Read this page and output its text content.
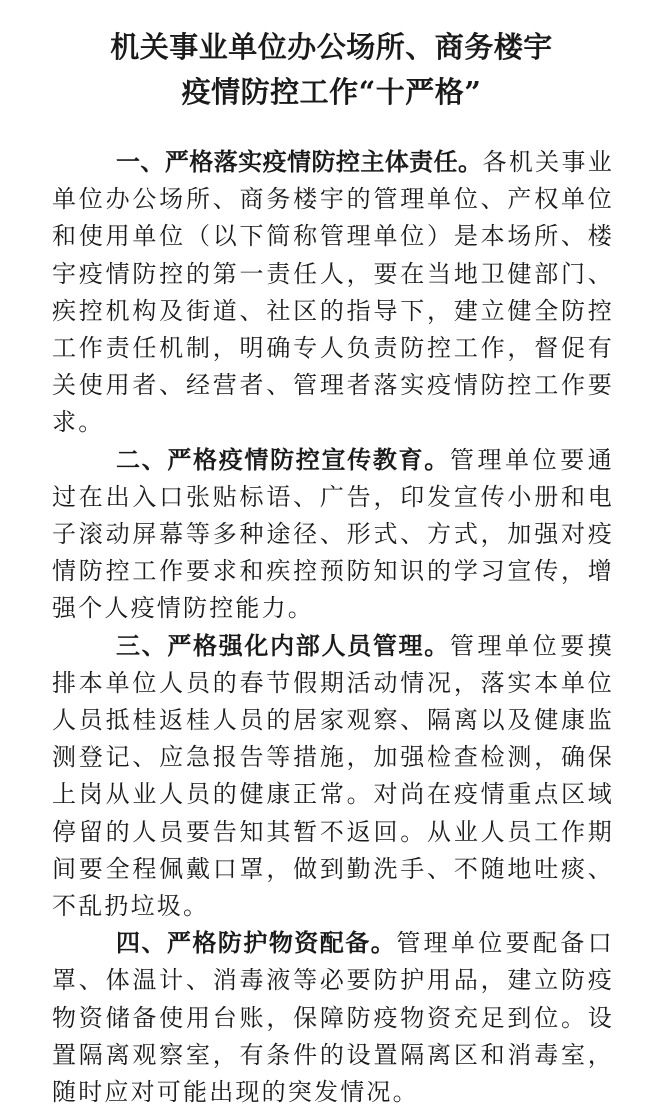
机关事业单位办公场所、商务楼宇
疫情防控工作“十严格”

一、严格落实疫情防控主体责任。各机关事业单位办公场所、商务楼宇的管理单位、产权单位和使用单位（以下简称管理单位）是本场所、楼宇疫情防控的第一责任人，要在当地卫健部门、疾控机构及街道、社区的指导下，建立健全防控工作责任机制，明确专人负责防控工作，督促有关使用者、经营者、管理者落实疫情防控工作要求。

二、严格疫情防控宣传教育。管理单位要通过在出入口张贴标语、广告，印发宣传小册和电子滚动屏幕等多种途径、形式、方式，加强对疫情防控工作要求和疾控预防知识的学习宣传，增强个人疫情防控能力。

三、严格强化内部人员管理。管理单位要摸排本单位人员的春节假期活动情况，落实本单位人员抵桂返桂人员的居家观察、隔离以及健康监测登记、应急报告等措施，加强检查检测，确保上岗从业人员的健康正常。对尚在疫情重点区域停留的人员要告知其暂不返回。从业人员工作期间要全程佩戴口罩，做到勤洗手、不随地吐痰、不乱扔垃圾。

四、严格防护物资配备。管理单位要配备口罩、体温计、消毒液等必要防护用品，建立防疫物资储备使用台账，保障防疫物资充足到位。设置隔离观察室，有条件的设置隔离区和消毒室，随时应对可能出现的突发情况。
